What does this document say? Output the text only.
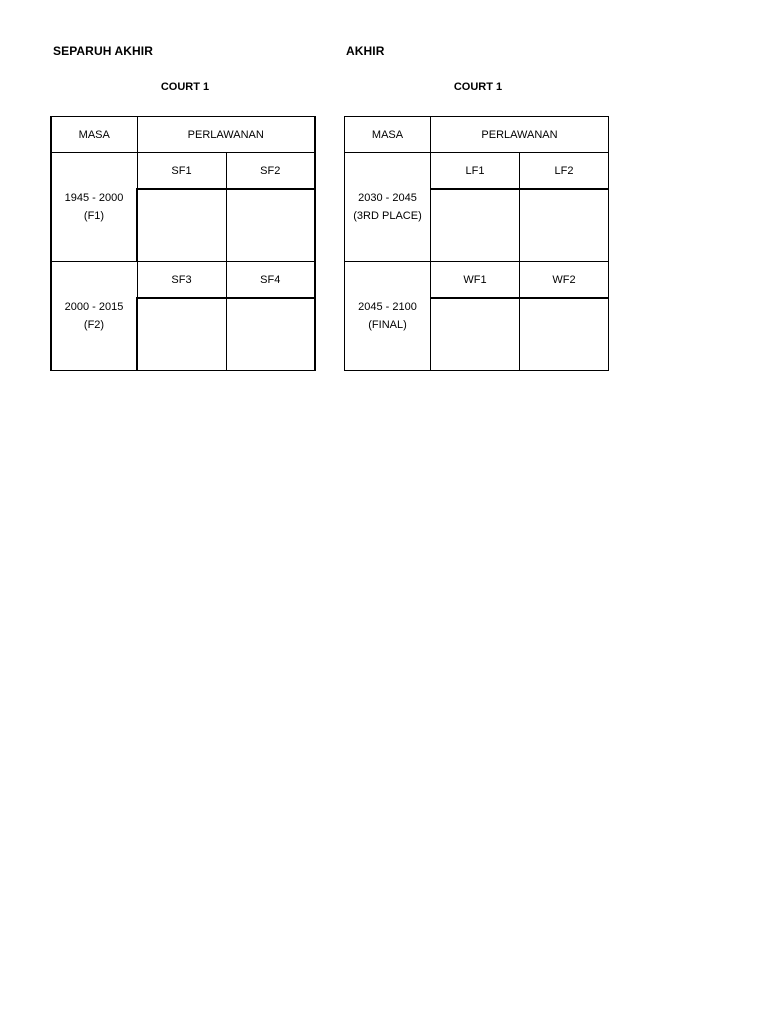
SEPARUH AKHIR	AKHIR
COURT 1	COURT 1
MASA	PERLAWANAN	

1945 - 2000
(F1)	SF1	SF2

2000 - 2015
(F2)	SF3	SF4

MASA	PERLAWANAN	

2030 - 2045
(3RD PLACE)	LF1	LF2

2045 - 2100
(FINAL)	WF1	WF2
